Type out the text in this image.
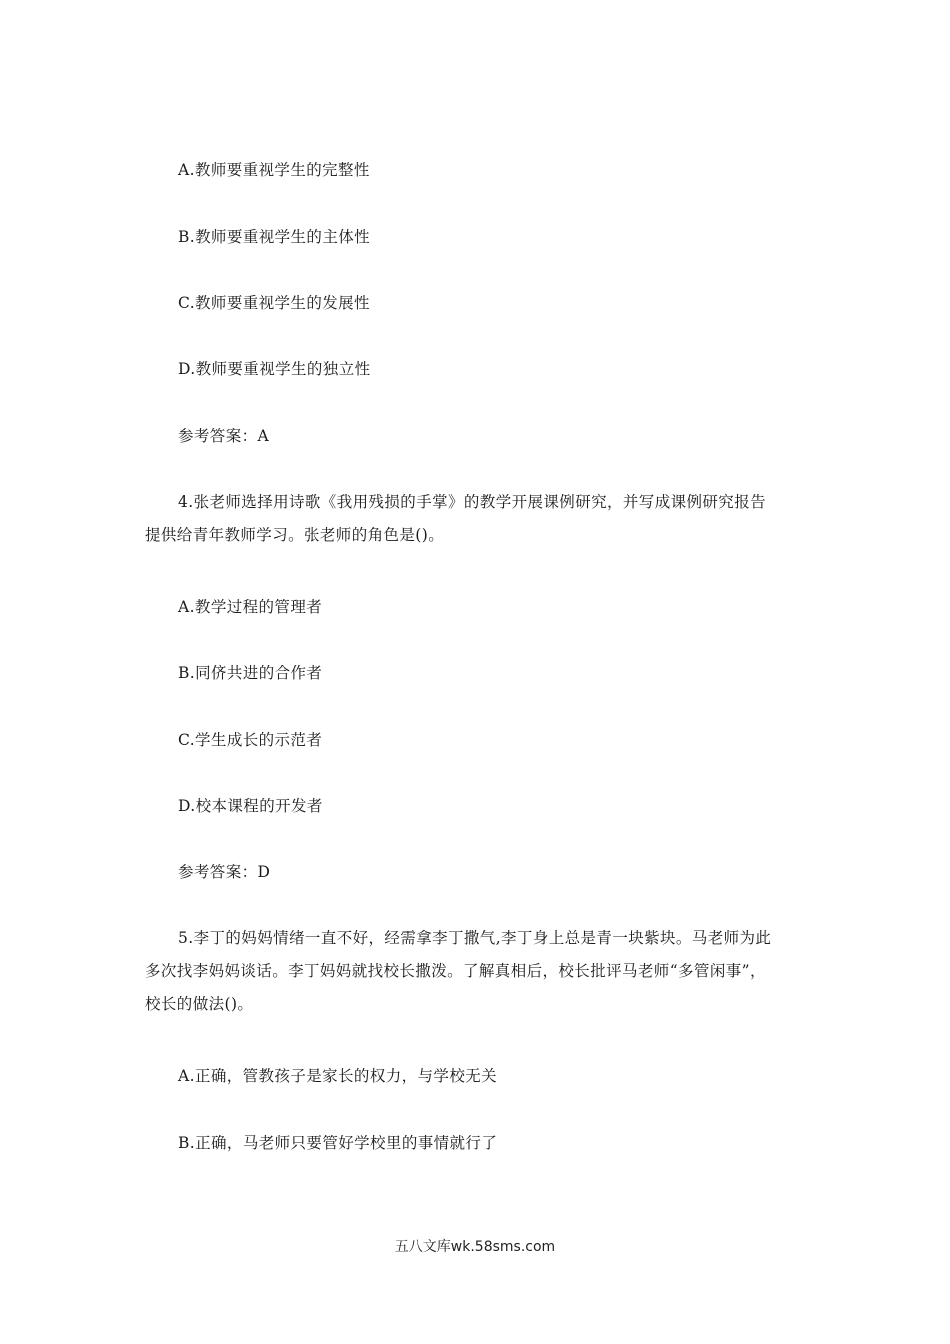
A.教师要重视学生的完整性
B.教师要重视学生的主体性
C.教师要重视学生的发展性
D.教师要重视学生的独立性
参考答案：A
4.张老师选择用诗歌《我用残损的手掌》的教学开展课例研究，并写成课例研究报告
提供给青年教师学习。张老师的角色是()。
A.教学过程的管理者
B.同侪共进的合作者
C.学生成长的示范者
D.校本课程的开发者
参考答案：D
5.李丁的妈妈情绪一直不好，经需拿李丁撒气,李丁身上总是青一块紫块。马老师为此
多次找李妈妈谈话。李丁妈妈就找校长撒泼。了解真相后，校长批评马老师“多管闲事”，
校长的做法()。
A.正确，管教孩子是家长的权力，与学校无关
B.正确，马老师只要管好学校里的事情就行了
五八文库wk.58sms.com
